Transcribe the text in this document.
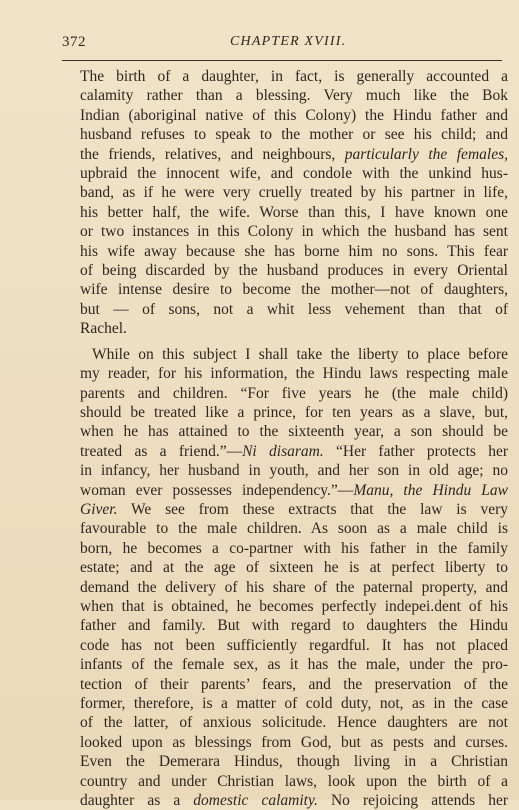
372	CHAPTER XVIII.
The birth of a daughter, in fact, is generally accounted a
calamity rather than a blessing. Very much like the Bok
Indian (aboriginal native of this Colony) the Hindu father and
husband refuses to speak to the mother or see his child; and
the friends, relatives, and neighbours, particularly the females,
upbraid the innocent wife, and condole with the unkind hus-
band, as if he were very cruelly treated by his partner in life,
his better half, the wife. Worse than this, I have known one
or two instances in this Colony in which the husband has sent
his wife away because she has borne him no sons. This fear
of being discarded by the husband produces in every Oriental
wife intense desire to become the mother—not of daughters,
but — of sons, not a whit less vehement than that of
Rachel.
While on this subject I shall take the liberty to place before
my reader, for his information, the Hindu laws respecting male
parents and children. “For five years he (the male child)
should be treated like a prince, for ten years as a slave, but,
when he has attained to the sixteenth year, a son should be
treated as a friend.”—Ni disaram. “Her father protects her
in infancy, her husband in youth, and her son in old age; no
woman ever possesses independency.”—Manu, the Hindu Law
Giver. We see from these extracts that the law is very
favourable to the male children. As soon as a male child is
born, he becomes a co-partner with his father in the family
estate; and at the age of sixteen he is at perfect liberty to
demand the delivery of his share of the paternal property, and
when that is obtained, he becomes perfectly indepei.dent of his
father and family. But with regard to daughters the Hindu
code has not been sufficiently regardful. It has not placed
infants of the female sex, as it has the male, under the pro-
tection of their parents’ fears, and the preservation of the
former, therefore, is a matter of cold duty, not, as in the case
of the latter, of anxious solicitude. Hence daughters are not
looked upon as blessings from God, but as pests and curses.
Even the Demerara Hindus, though living in a Christian
country and under Christian laws, look upon the birth of a
daughter as a domestic calamity. No rejoicing attends her
